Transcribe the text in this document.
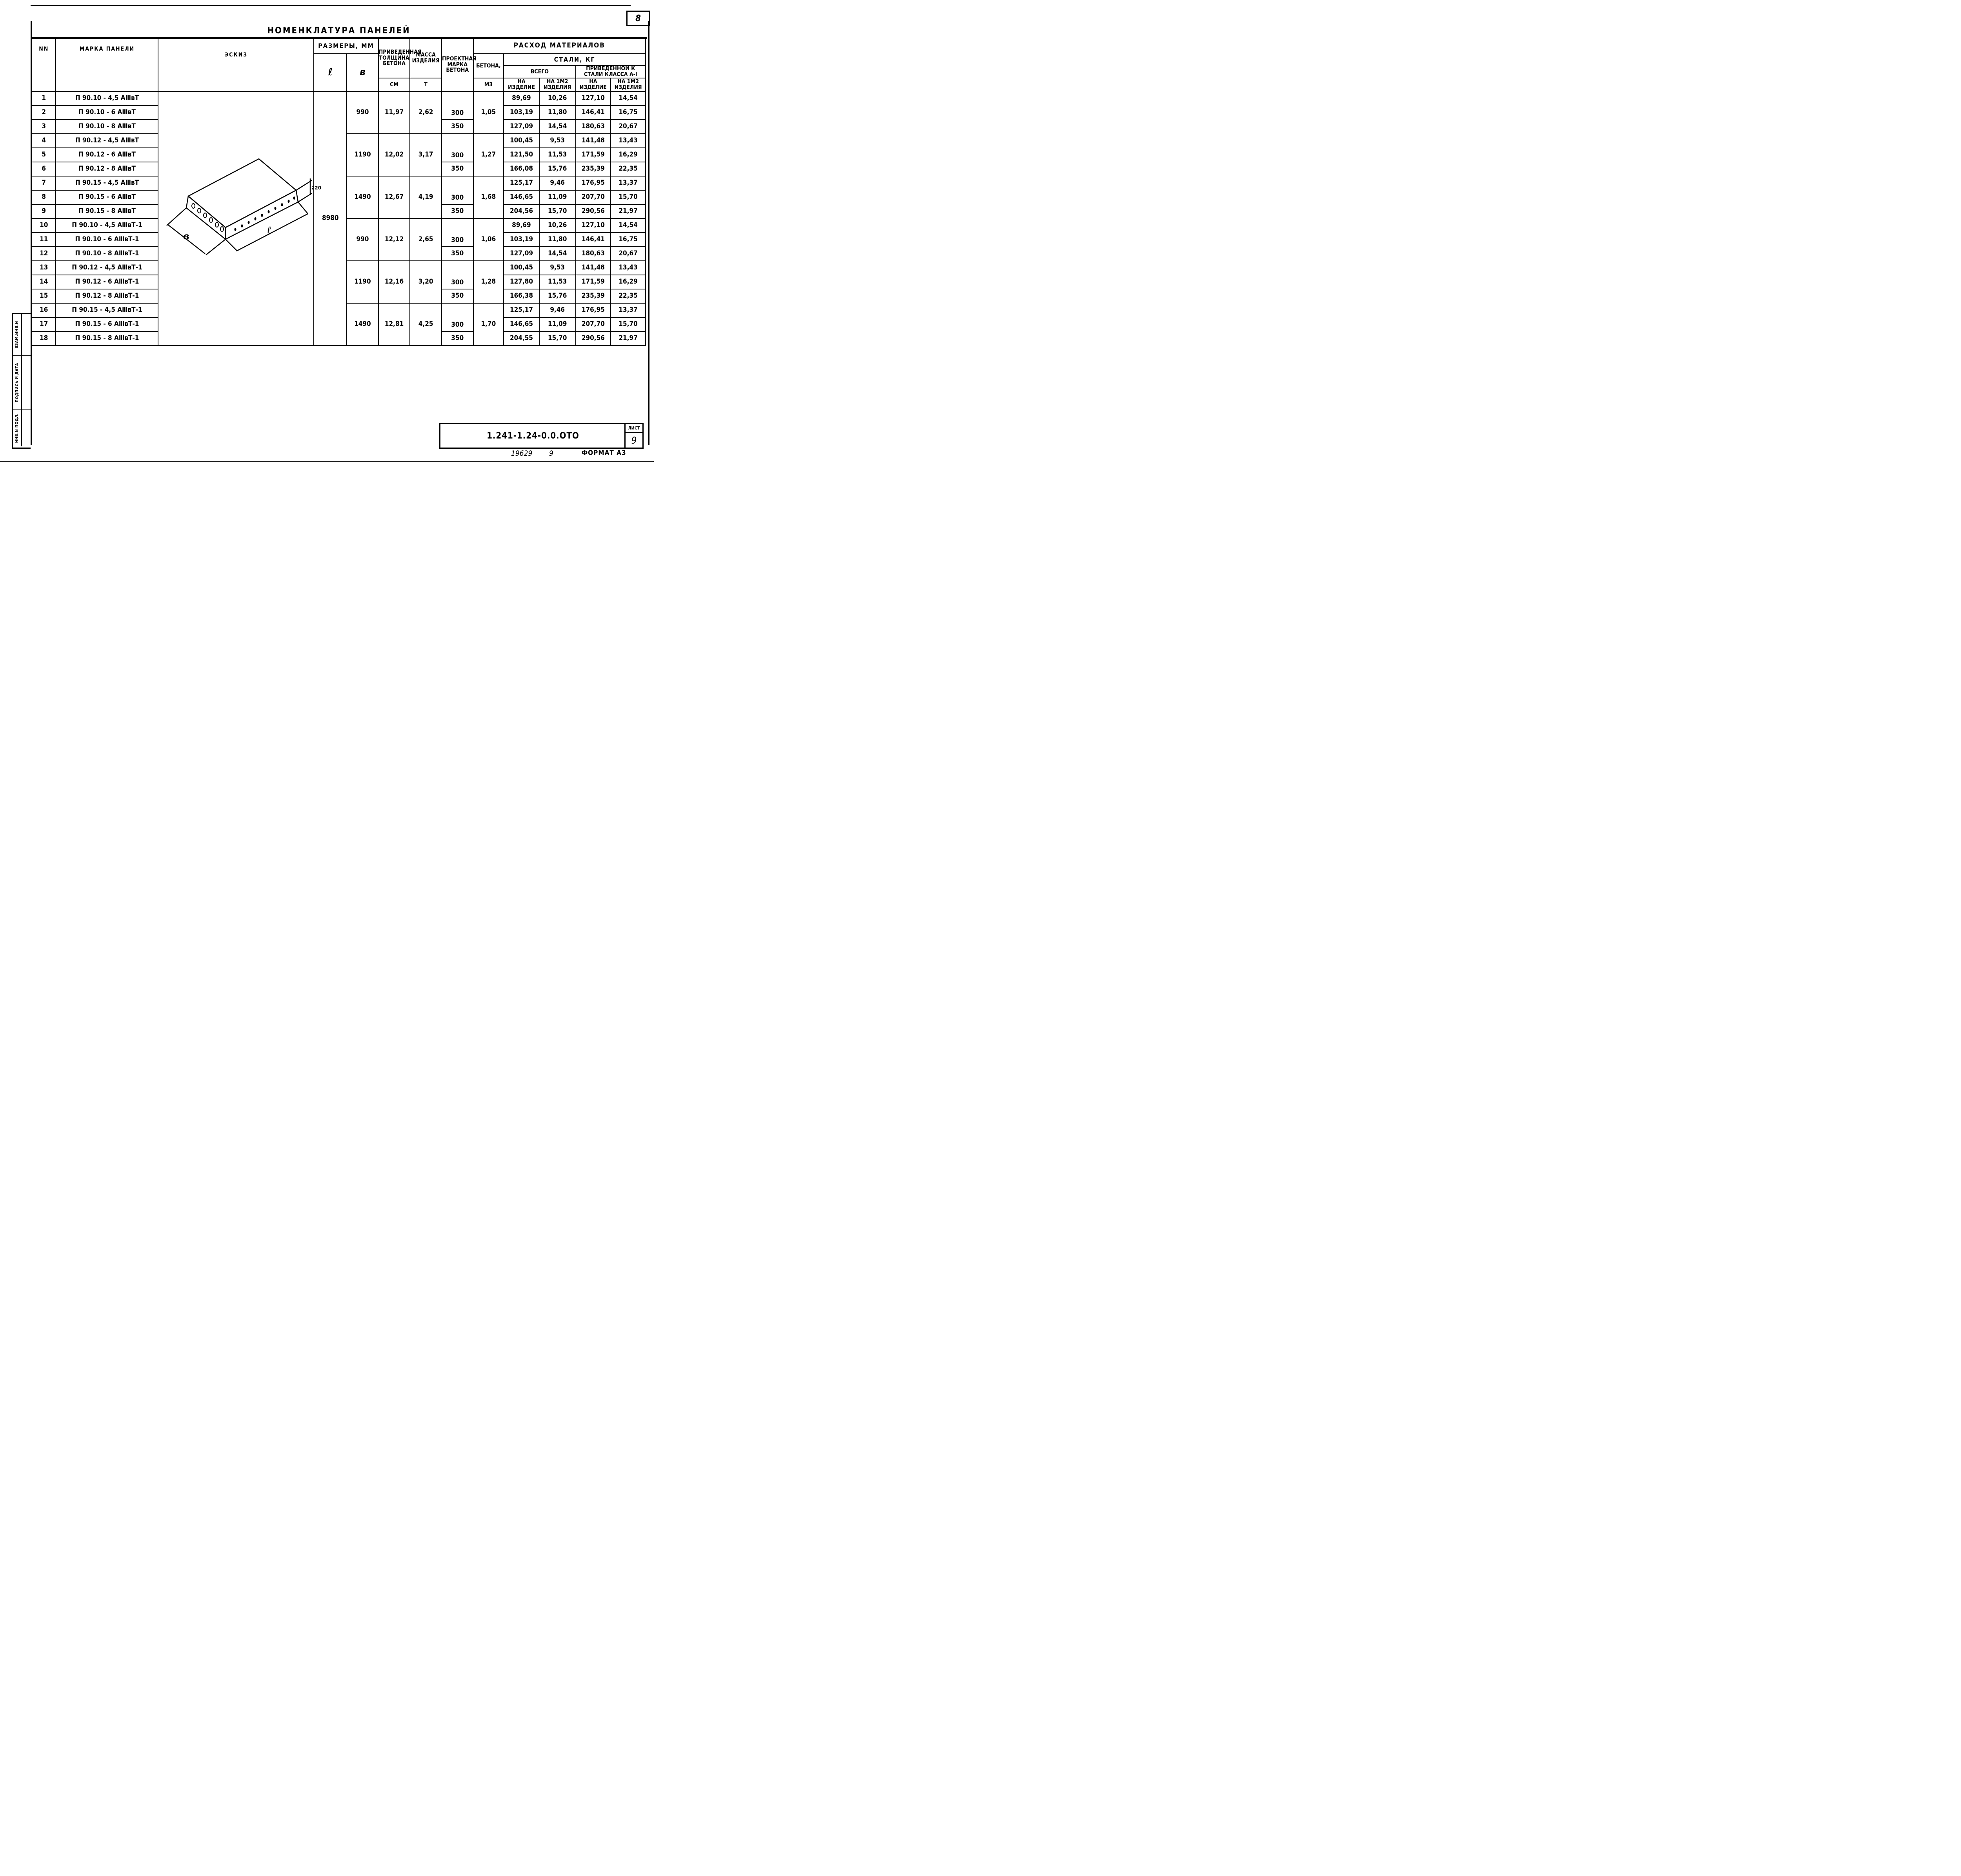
8
НОМЕНКЛАТУРА ПАНЕЛЕЙ
NN	МАРКА ПАНЕЛИ	ЭСКИЗ	РАЗМЕРЫ, ММ		ПРИВЕДЕННАЯ ТОЛЩИНА БЕТОНА	МАССА ИЗДЕЛИЯ	ПРОЕКТНАЯ МАРКА БЕТОНА	РАСХОД МАТЕРИАЛОВ				
			ℓ	в				БЕТОНА,	СТАЛИ, КГ			
									ВСЕГО		ПРИВЕДЕННОЙ К СТАЛИ КЛАССА А-I	
					СМ	Т		М3	НА ИЗДЕЛИЕ	НА 1М2 ИЗДЕЛИЯ	НА ИЗДЕЛИЕ	НА 1М2 ИЗДЕЛИЯ
1	П 90.10 - 4,5 АⅢвТ		8980	990	11,97	2,62	300	1,05	89,69	10,26	127,10	14,54
2	П 90.10 - 6 АⅢвТ								103,19	11,80	146,41	16,75
3	П 90.10 - 8 АⅢвТ						350		127,09	14,54	180,63	20,67
4	П 90.12 - 4,5 АⅢвТ			1190	12,02	3,17	300	1,27	100,45	9,53	141,48	13,43
5	П 90.12 - 6 АⅢвТ								121,50	11,53	171,59	16,29
6	П 90.12 - 8 АⅢвТ						350		166,08	15,76	235,39	22,35
7	П 90.15 - 4,5 АⅢвТ			1490	12,67	4,19	300	1,68	125,17	9,46	176,95	13,37
8	П 90.15 - 6 АⅢвТ								146,65	11,09	207,70	15,70
9	П 90.15 - 8 АⅢвТ						350		204,56	15,70	290,56	21,97
10	П 90.10 - 4,5 АⅢвТ-1			990	12,12	2,65	300	1,06	89,69	10,26	127,10	14,54
11	П 90.10 - 6 АⅢвТ-1								103,19	11,80	146,41	16,75
12	П 90.10 - 8 АⅢвТ-1						350		127,09	14,54	180,63	20,67
13	П 90.12 - 4,5 АⅢвТ-1			1190	12,16	3,20	300	1,28	100,45	9,53	141,48	13,43
14	П 90.12 - 6 АⅢвТ-1								127,80	11,53	171,59	16,29
15	П 90.12 - 8 АⅢвТ-1						350		166,38	15,76	235,39	22,35
16	П 90.15 - 4,5 АⅢвТ-1			1490	12,81	4,25	300	1,70	125,17	9,46	176,95	13,37
17	П 90.15 - 6 АⅢвТ-1								146,65	11,09	207,70	15,70
18	П 90.15 - 8 АⅢвТ-1						350		204,55	15,70	290,56	21,97
220
ℓ
в
ВЗАМ.ИНВ.N
ПОДПИСЬ И ДАТА
ИНВ.N ПОДЛ.	1.241-1.24-0.0.ОТО
ЛИСТ
9
19629 9	ФОРМАТ А3
